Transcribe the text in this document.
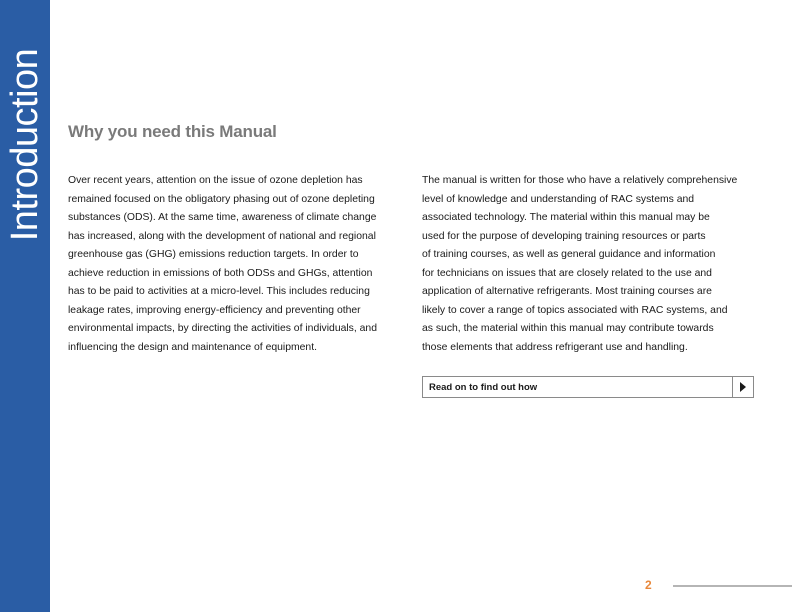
Introduction Why you need this Manual

Over recent years, attention on the issue of ozone depletion has
remained focused on the obligatory phasing out of ozone depleting
substances (ODS). At the same time, awareness of climate change
has increased, along with the development of national and regional
greenhouse gas (GHG) emissions reduction targets. In order to
achieve reduction in emissions of both ODSs and GHGs, attention
has to be paid to activities at a micro-level. This includes reducing
leakage rates, improving energy-efficiency and preventing other
environmental impacts, by directing the activities of individuals, and
influencing the design and maintenance of equipment.

The manual is written for those who have a relatively comprehensive
level of knowledge and understanding of RAC systems and
associated technology. The material within this manual may be
used for the purpose of developing training resources or parts
of training courses, as well as general guidance and information
for technicians on issues that are closely related to the use and
application of alternative refrigerants. Most training courses are
likely to cover a range of topics associated with RAC systems, and
as such, the material within this manual may contribute towards
those elements that address refrigerant use and handling.

Read on to find out how
2
